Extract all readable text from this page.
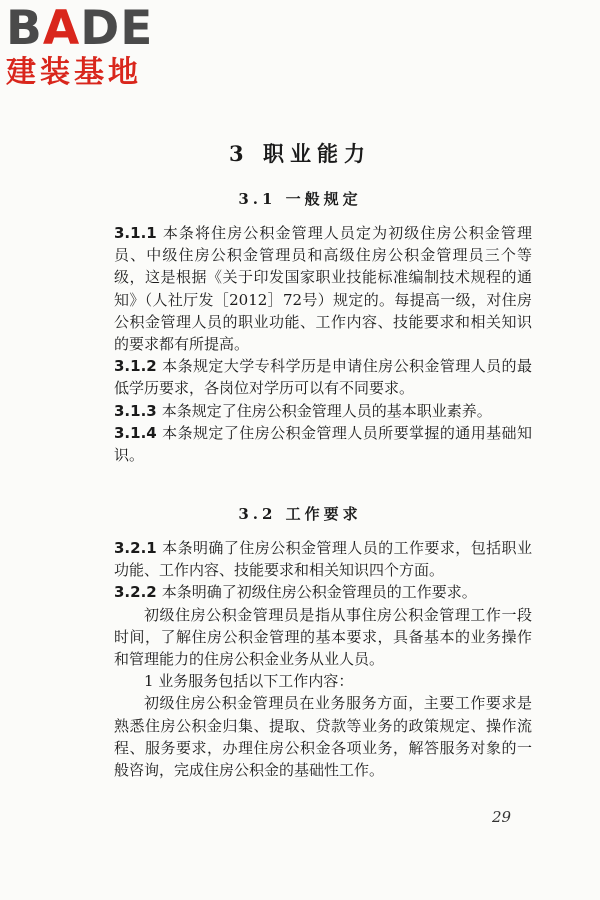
BADE
建装基地
3 职业能力
3.1 一般规定

3.1.1 本条将住房公积金管理人员定为初级住房公积金管理员、中级住房公积金管理员和高级住房公积金管理员三个等级，这是根据《关于印发国家职业技能标准编制技术规程的通知》（人社厅发［2012］72号）规定的。每提高一级，对住房公积金管理人员的职业功能、工作内容、技能要求和相关知识的要求都有所提高。

3.1.2 本条规定大学专科学历是申请住房公积金管理人员的最低学历要求，各岗位对学历可以有不同要求。

3.1.3 本条规定了住房公积金管理人员的基本职业素养。

3.1.4 本条规定了住房公积金管理人员所要掌握的通用基础知识。

3.2 工作要求

3.2.1 本条明确了住房公积金管理人员的工作要求，包括职业功能、工作内容、技能要求和相关知识四个方面。

3.2.2 本条明确了初级住房公积金管理员的工作要求。

初级住房公积金管理员是指从事住房公积金管理工作一段时间，了解住房公积金管理的基本要求，具备基本的业务操作和管理能力的住房公积金业务从业人员。

1 业务服务包括以下工作内容：

初级住房公积金管理员在业务服务方面，主要工作要求是熟悉住房公积金归集、提取、贷款等业务的政策规定、操作流程、服务要求，办理住房公积金各项业务，解答服务对象的一般咨询，完成住房公积金的基础性工作。

29
